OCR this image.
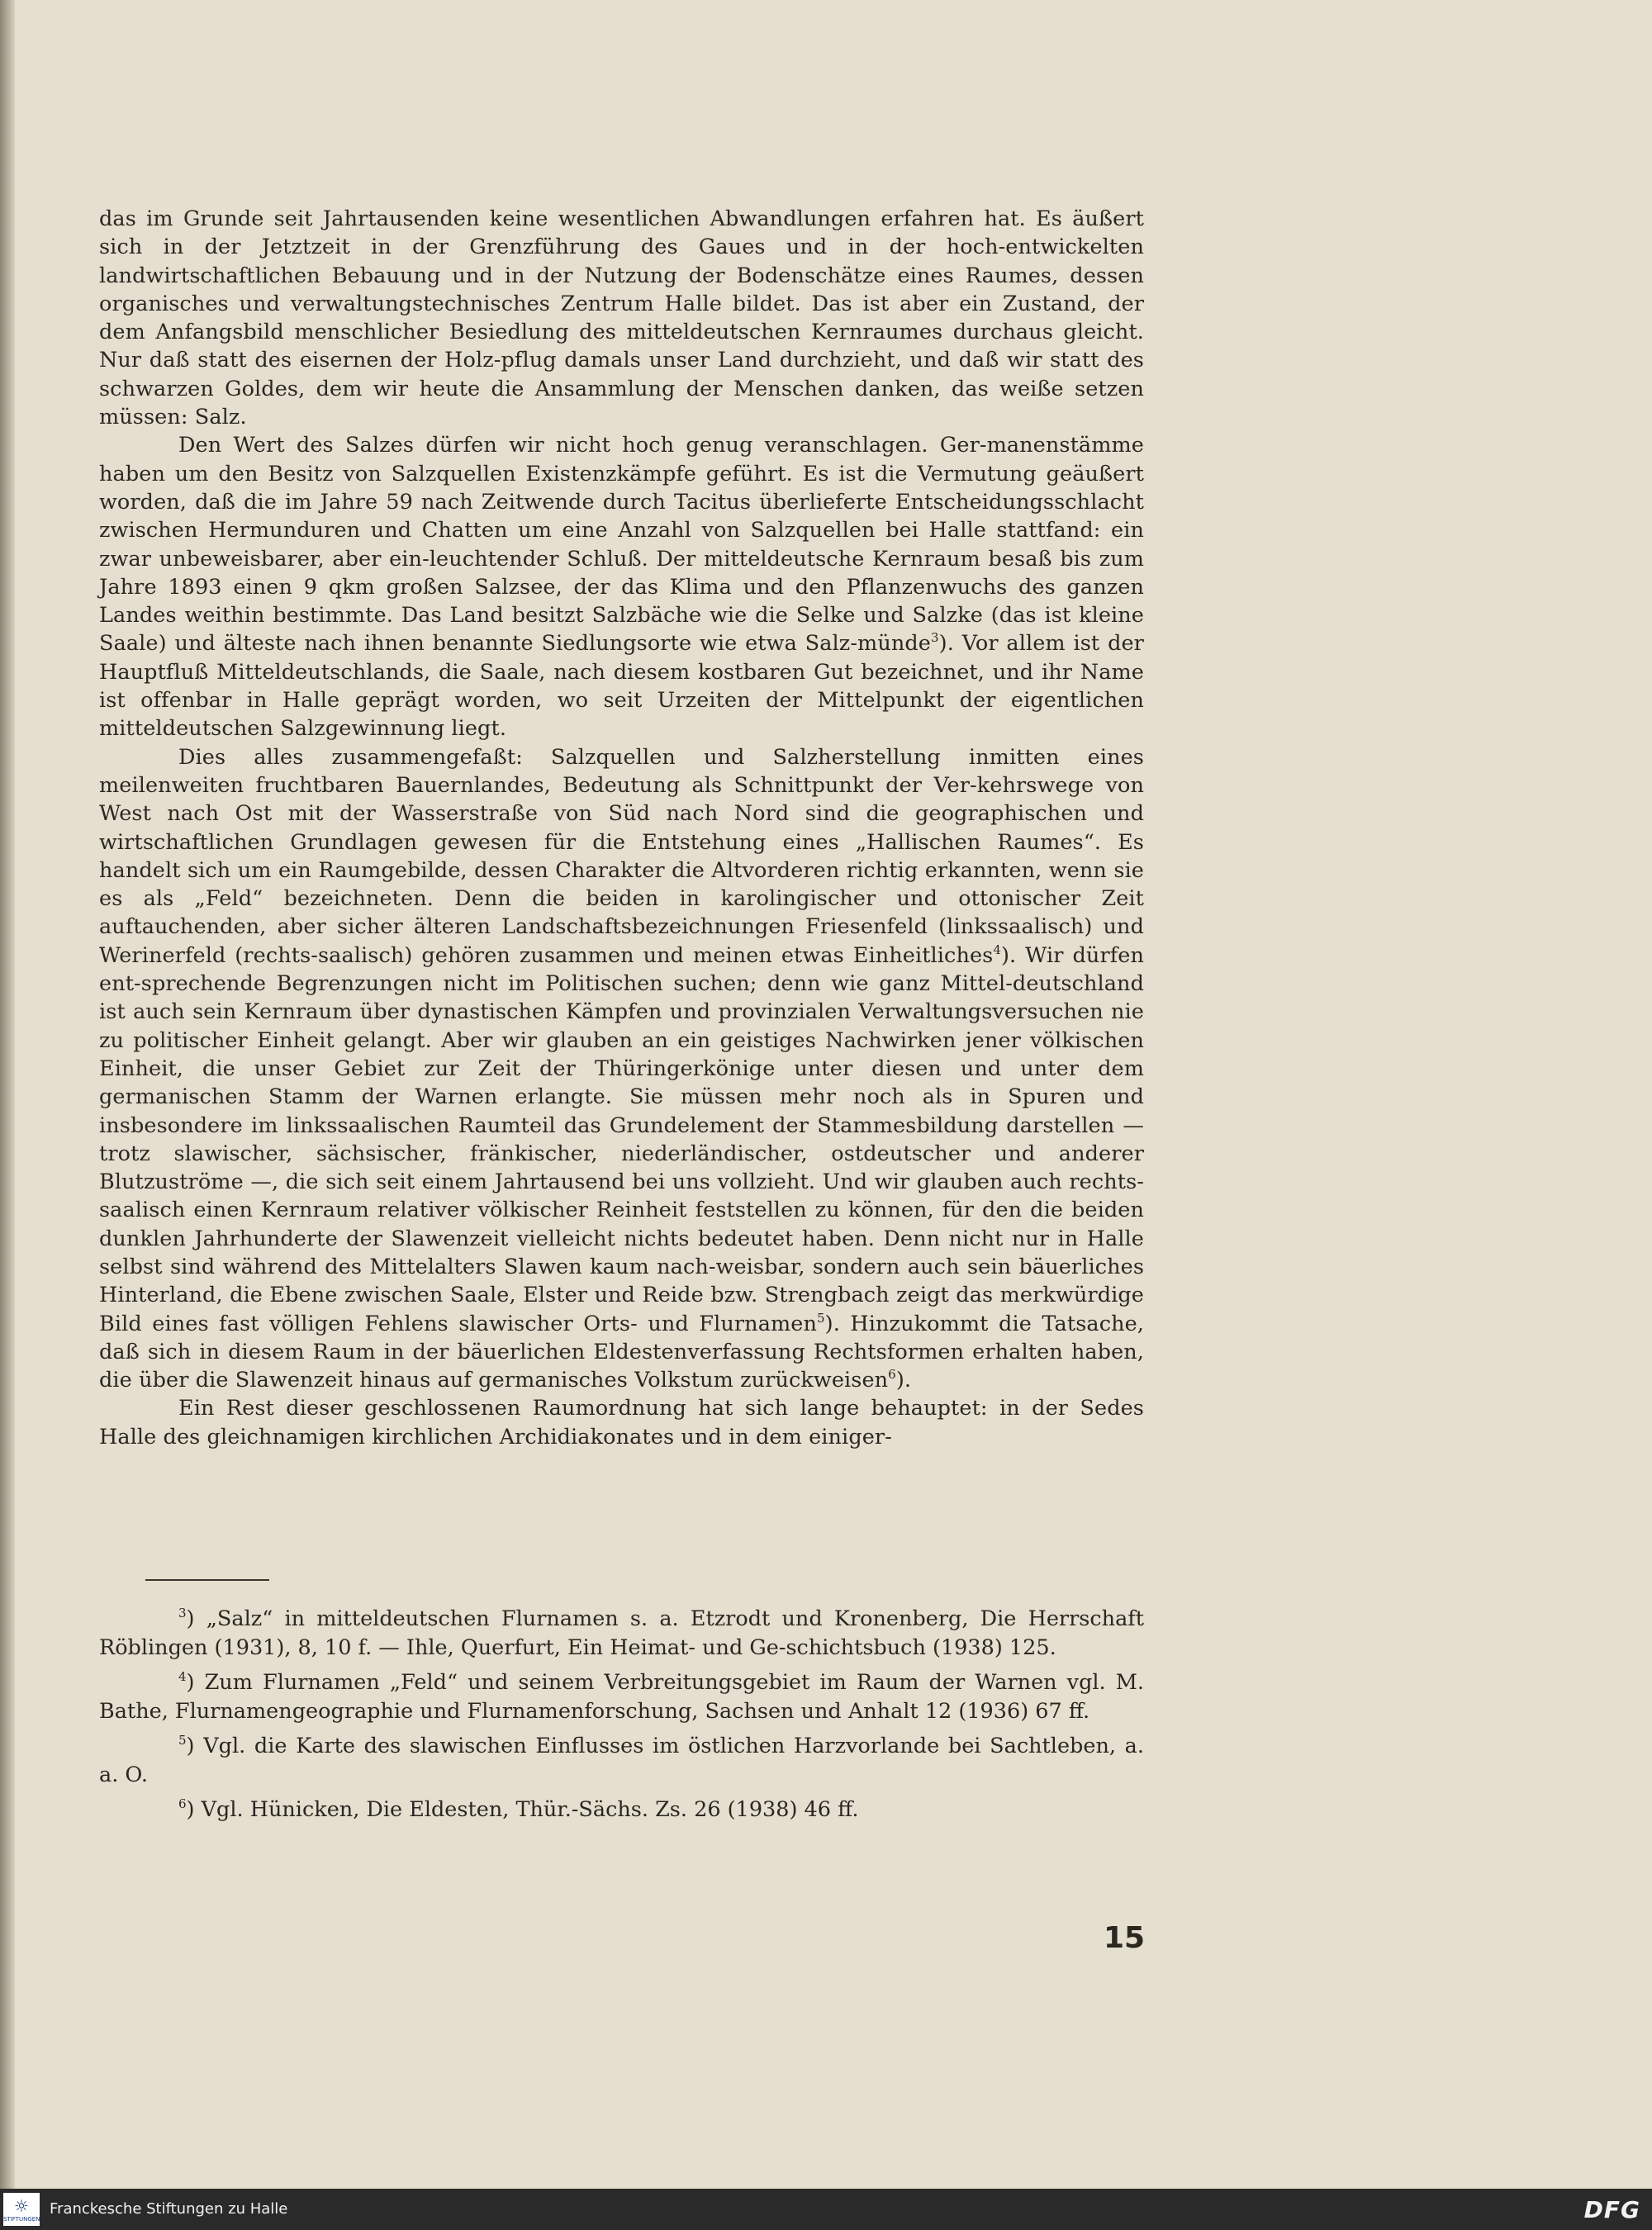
das im Grunde seit Jahrtausenden keine wesentlichen Abwandlungen erfahren hat. Es äußert sich in der Jetztzeit in der Grenzführung des Gaues und in der hoch-entwickelten landwirtschaftlichen Bebauung und in der Nutzung der Bodenschätze eines Raumes, dessen organisches und verwaltungstechnisches Zentrum Halle bildet. Das ist aber ein Zustand, der dem Anfangsbild menschlicher Besiedlung des mitteldeutschen Kernraumes durchaus gleicht. Nur daß statt des eisernen der Holz-pflug damals unser Land durchzieht, und daß wir statt des schwarzen Goldes, dem wir heute die Ansammlung der Menschen danken, das weiße setzen müssen: Salz.

Den Wert des Salzes dürfen wir nicht hoch genug veranschlagen. Ger-manenstämme haben um den Besitz von Salzquellen Existenzkämpfe geführt. Es ist die Vermutung geäußert worden, daß die im Jahre 59 nach Zeitwende durch Tacitus überlieferte Entscheidungsschlacht zwischen Hermunduren und Chatten um eine Anzahl von Salzquellen bei Halle stattfand: ein zwar unbeweisbarer, aber ein-leuchtender Schluß. Der mitteldeutsche Kernraum besaß bis zum Jahre 1893 einen 9 qkm großen Salzsee, der das Klima und den Pflanzenwuchs des ganzen Landes weithin bestimmte. Das Land besitzt Salzbäche wie die Selke und Salzke (das ist kleine Saale) und älteste nach ihnen benannte Siedlungsorte wie etwa Salz-münde$^3$). Vor allem ist der Hauptfluß Mitteldeutschlands, die Saale, nach diesem kostbaren Gut bezeichnet, und ihr Name ist offenbar in Halle geprägt worden, wo seit Urzeiten der Mittelpunkt der eigentlichen mitteldeutschen Salzgewinnung liegt.

Dies alles zusammengefaßt: Salzquellen und Salzherstellung inmitten eines meilenweiten fruchtbaren Bauernlandes, Bedeutung als Schnittpunkt der Ver-kehrswege von West nach Ost mit der Wasserstraße von Süd nach Nord sind die geographischen und wirtschaftlichen Grundlagen gewesen für die Entstehung eines „Hallischen Raumes“. Es handelt sich um ein Raumgebilde, dessen Charakter die Altvorderen richtig erkannten, wenn sie es als „Feld“ bezeichneten. Denn die beiden in karolingischer und ottonischer Zeit auftauchenden, aber sicher älteren Landschaftsbezeichnungen Friesenfeld (linkssaalisch) und Werinerfeld (rechts-saalisch) gehören zusammen und meinen etwas Einheitliches$^4$). Wir dürfen ent-sprechende Begrenzungen nicht im Politischen suchen; denn wie ganz Mittel-deutschland ist auch sein Kernraum über dynastischen Kämpfen und provinzialen Verwaltungsversuchen nie zu politischer Einheit gelangt. Aber wir glauben an ein geistiges Nachwirken jener völkischen Einheit, die unser Gebiet zur Zeit der Thüringerkönige unter diesen und unter dem germanischen Stamm der Warnen erlangte. Sie müssen mehr noch als in Spuren und insbesondere im linkssaalischen Raumteil das Grundelement der Stammesbildung darstellen — trotz slawischer, sächsischer, fränkischer, niederländischer, ostdeutscher und anderer Blutzuströme —, die sich seit einem Jahrtausend bei uns vollzieht. Und wir glauben auch rechts-saalisch einen Kernraum relativer völkischer Reinheit feststellen zu können, für den die beiden dunklen Jahrhunderte der Slawenzeit vielleicht nichts bedeutet haben. Denn nicht nur in Halle selbst sind während des Mittelalters Slawen kaum nach-weisbar, sondern auch sein bäuerliches Hinterland, die Ebene zwischen Saale, Elster und Reide bzw. Strengbach zeigt das merkwürdige Bild eines fast völligen Fehlens slawischer Orts- und Flurnamen$^5$). Hinzukommt die Tatsache, daß sich in diesem Raum in der bäuerlichen Eldestenverfassung Rechtsformen erhalten haben, die über die Slawenzeit hinaus auf germanisches Volkstum zurückweisen$^6$).

Ein Rest dieser geschlossenen Raumordnung hat sich lange behauptet: in der Sedes Halle des gleichnamigen kirchlichen Archidiakonates und in dem einiger-

$^3$) „Salz“ in mitteldeutschen Flurnamen s. a. Etzrodt und Kronenberg, Die Herrschaft Röblingen (1931), 8, 10 f. — Ihle, Querfurt, Ein Heimat- und Ge-schichtsbuch (1938) 125.

$^4$) Zum Flurnamen „Feld“ und seinem Verbreitungsgebiet im Raum der Warnen vgl. M. Bathe, Flurnamengeographie und Flurnamenforschung, Sachsen und Anhalt 12 (1936) 67 ff.

$^5$) Vgl. die Karte des slawischen Einflusses im östlichen Harzvorlande bei Sachtleben, a. a. O.

$^6$) Vgl. Hünicken, Die Eldesten, Thür.-Sächs. Zs. 26 (1938) 46 ff.

15
☼
STIFTUNGEN
Franckesche Stiftungen zu Halle	DFG
